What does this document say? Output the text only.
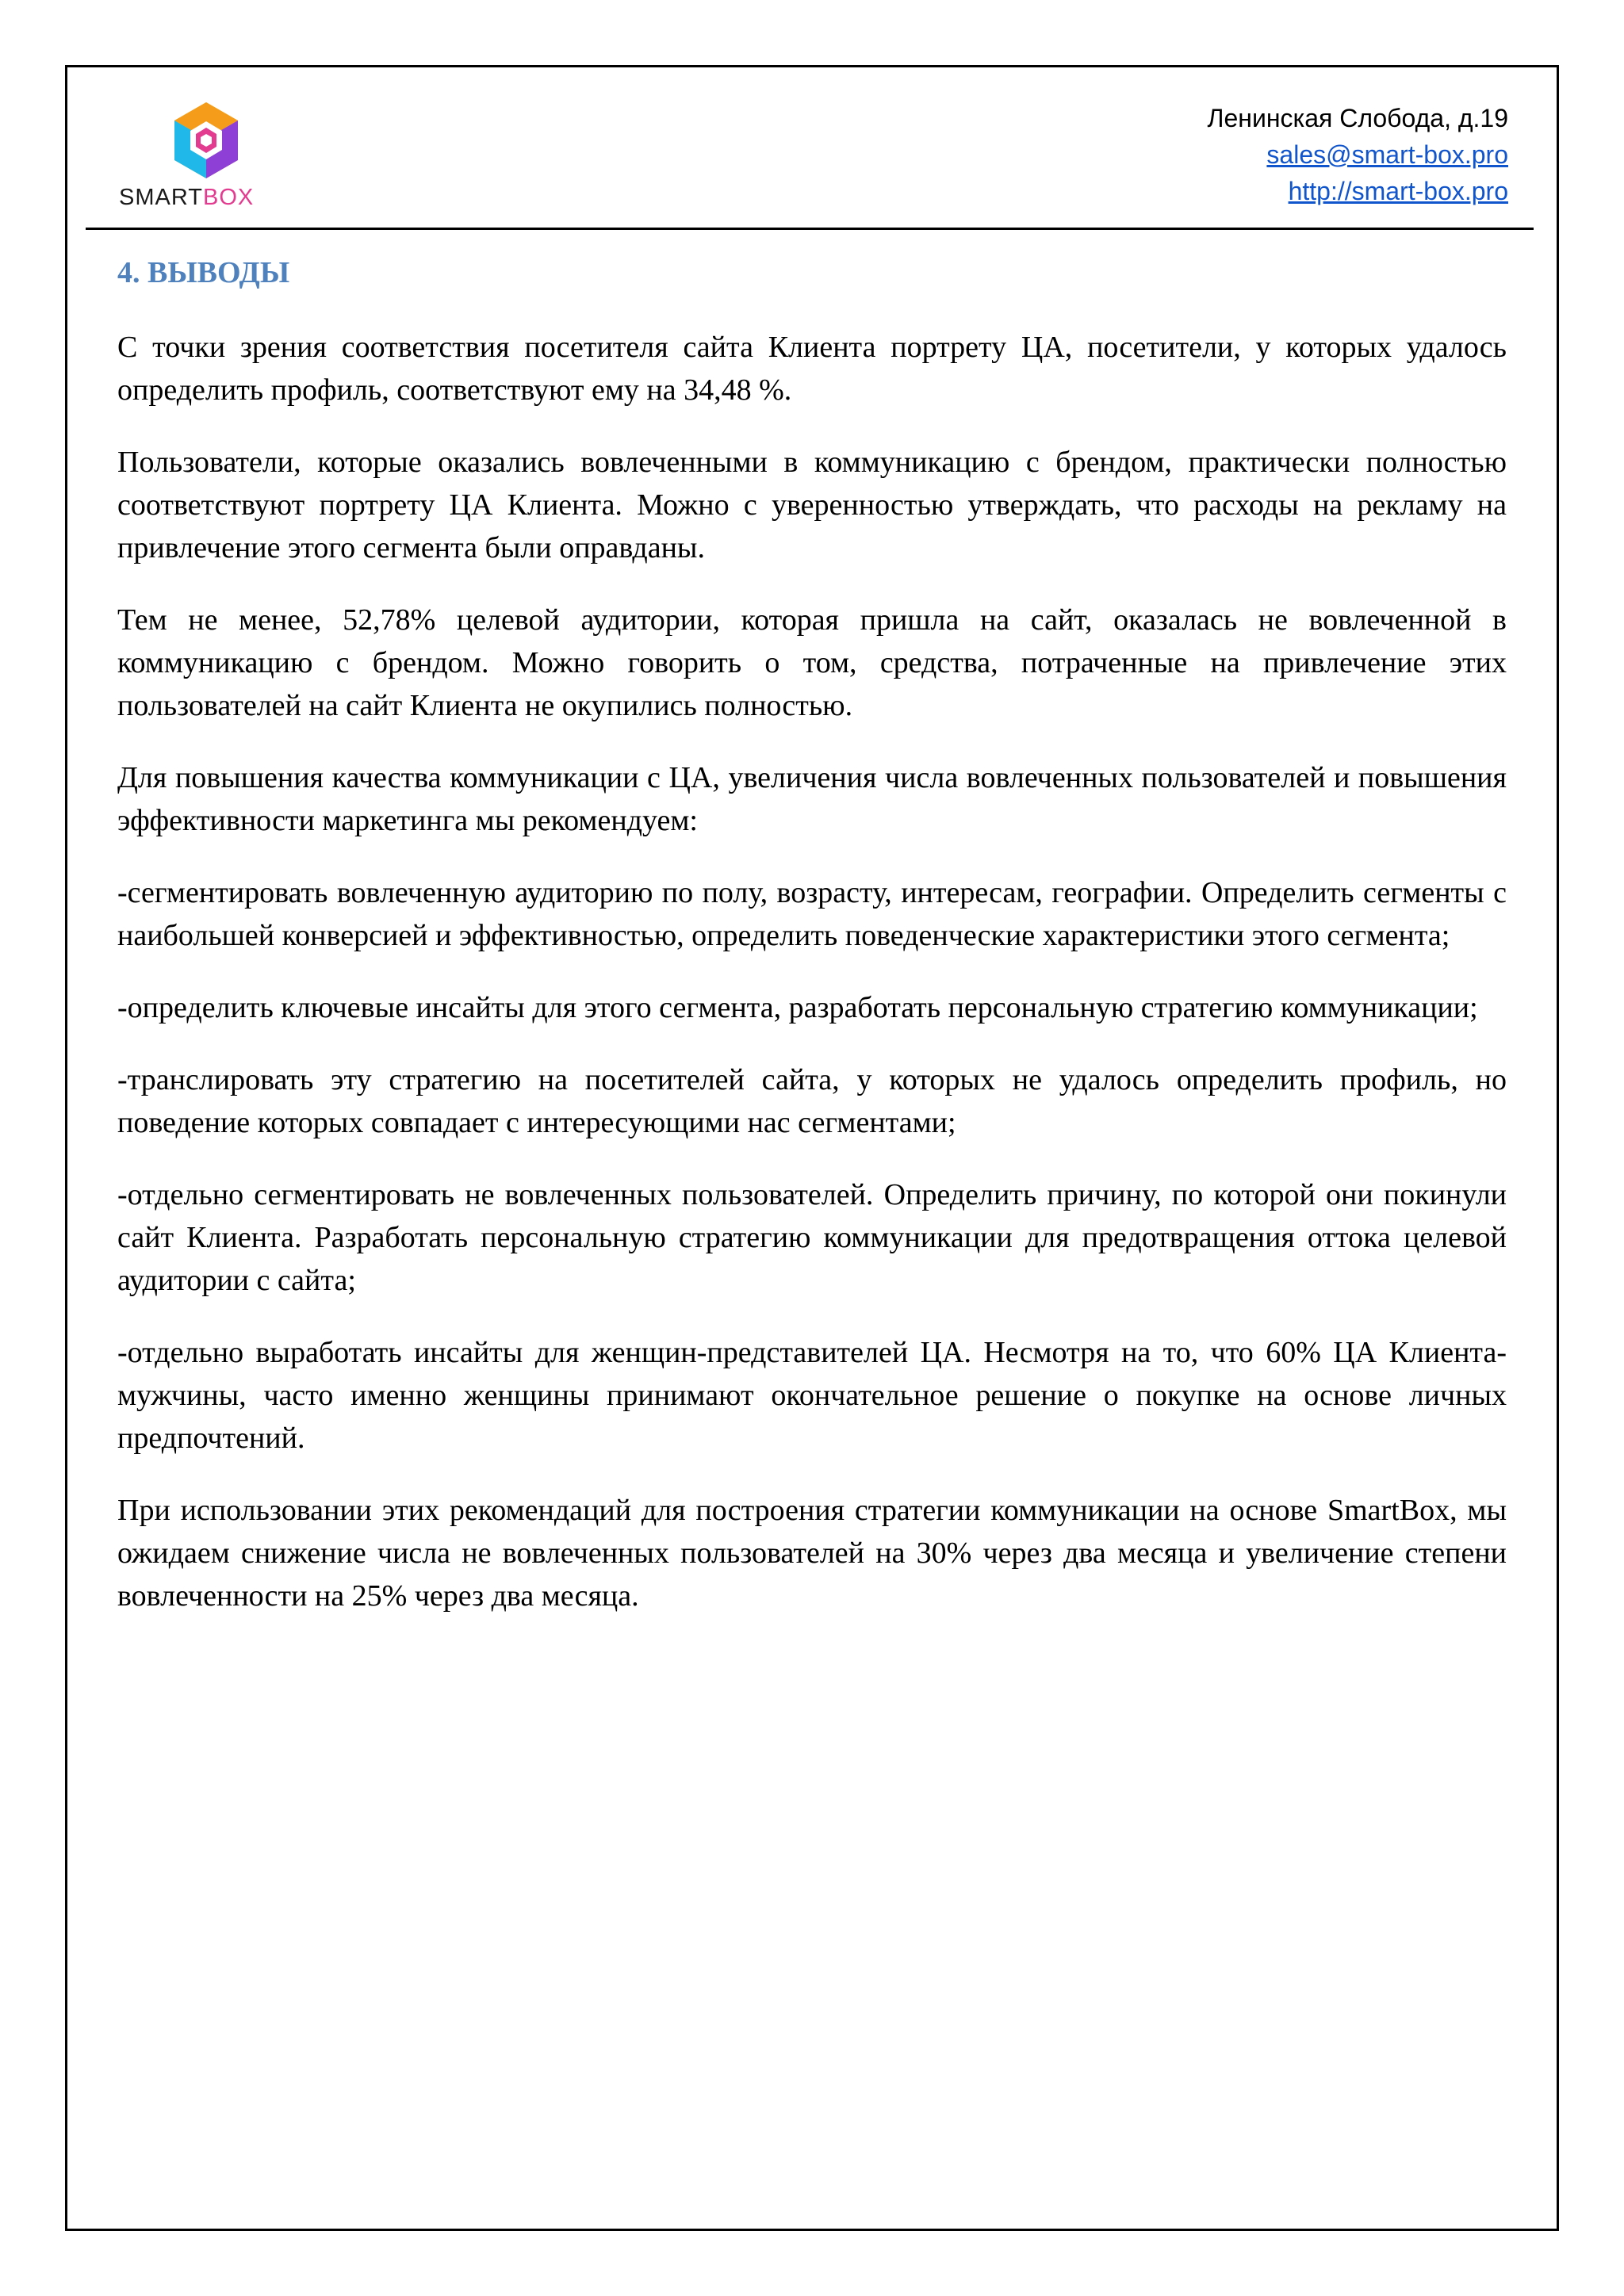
SMARTBOX
Ленинская Слобода, д.19
sales@smart-box.pro
http://smart-box.pro
4. ВЫВОДЫ

С точки зрения соответствия посетителя сайта Клиента портрету ЦА, посетители, у которых удалось определить профиль, соответствуют ему на 34,48 %.

Пользователи, которые оказались вовлеченными в коммуникацию с брендом, практически полностью соответствуют портрету ЦА Клиента. Можно с уверенностью утверждать, что расходы на рекламу на привлечение этого сегмента были оправданы.

Тем не менее, 52,78% целевой аудитории, которая пришла на сайт, оказалась не вовлеченной в коммуникацию с брендом. Можно говорить о том, средства, потраченные на привлечение этих пользователей на сайт Клиента не окупились полностью.

Для повышения качества коммуникации с ЦА, увеличения числа вовлеченных пользователей и повышения эффективности маркетинга мы рекомендуем:

-сегментировать вовлеченную аудиторию по полу, возрасту, интересам, географии. Определить сегменты с наибольшей конверсией и эффективностью, определить поведенческие характеристики этого сегмента;

-определить ключевые инсайты для этого сегмента, разработать персональную стратегию коммуникации;

-транслировать эту стратегию на посетителей сайта, у которых не удалось определить профиль, но поведение которых совпадает с интересующими нас сегментами;

-отдельно сегментировать не вовлеченных пользователей. Определить причину, по которой они покинули сайт Клиента. Разработать персональную стратегию коммуникации для предотвращения оттока целевой аудитории с сайта;

-отдельно выработать инсайты для женщин-представителей ЦА. Несмотря на то, что 60% ЦА Клиента-мужчины, часто именно женщины принимают окончательное решение о покупке на основе личных предпочтений.

При использовании этих рекомендаций для построения стратегии коммуникации на основе SmartBox, мы ожидаем снижение числа не вовлеченных пользователей на 30% через два месяца и увеличение степени вовлеченности на 25% через два месяца.
